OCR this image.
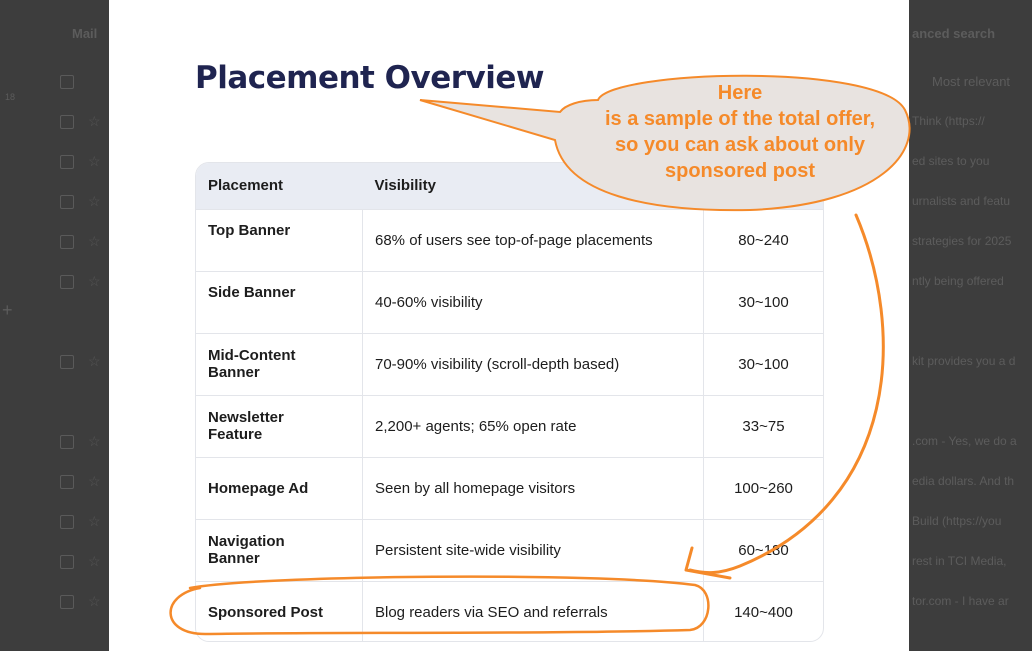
Mail
18
+
anced search
Most relevant
☆
☆
☆
☆
☆
☆
☆
☆
☆
☆
☆
Think (https://
ed sites to you
urnalists and featu
strategies for 2025
ntly being offered
kit provides you a d
.com - Yes, we do a
edia dollars. And th
Build (https://you
rest in TCI Media,
tor.com - I have ar
Placement Overview
Placement	Visibility	
Top Banner	68% of users see top-of-page placements	80~240
Side Banner	40-60% visibility	30~100

Mid-Content
Banner	70-90% visibility (scroll-depth based)	30~100

Newsletter
Feature	2,200+ agents; 65% open rate	33~75
Homepage Ad	Seen by all homepage visitors	100~260

Navigation
Banner	Persistent site-wide visibility	60~180
Sponsored Post	Blog readers via SEO and referrals	140~400
Here
is a sample of the total offer,
so you can ask about only
sponsored post
